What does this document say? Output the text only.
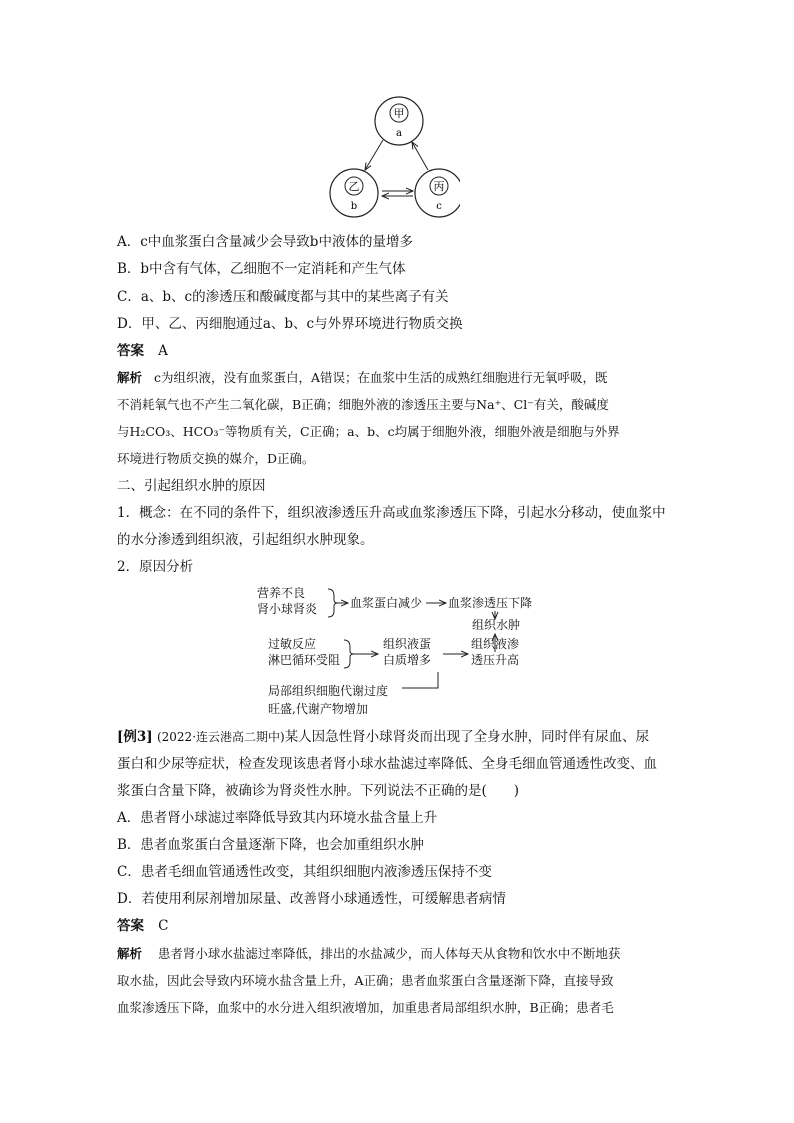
甲
a
乙
b
丙
c
A．c中血浆蛋白含量减少会导致b中液体的量增多
B．b中含有气体，乙细胞不一定消耗和产生气体
C．a、b、c的渗透压和酸碱度都与其中的某些离子有关
D．甲、乙、丙细胞通过a、b、c与外界环境进行物质交换
答案 A
解析 c为组织液，没有血浆蛋白，A错误；在血浆中生活的成熟红细胞进行无氧呼吸，既
不消耗氧气也不产生二氧化碳，B正确；细胞外液的渗透压主要与Na⁺、Cl⁻有关，酸碱度
与H₂CO₃、HCO₃⁻等物质有关，C正确；a、b、c均属于细胞外液，细胞外液是细胞与外界
环境进行物质交换的媒介，D正确。
二、引起组织水肿的原因
1．概念：在不同的条件下，组织液渗透压升高或血浆渗透压下降，引起水分移动，使血浆中
的水分渗透到组织液，引起组织水肿现象。
2．原因分析
营养不良
肾小球肾炎	血浆蛋白减少 血浆渗透压下降
组织水肿
过敏反应
淋巴循环受阻
组织液蛋
白质增多
组织液渗
透压升高
局部组织细胞代谢过度
旺盛,代谢产物增加
[例3] (2022·连云港高二期中)某人因急性肾小球肾炎而出现了全身水肿，同时伴有尿血、尿
蛋白和少尿等症状，检查发现该患者肾小球水盐滤过率降低、全身毛细血管通透性改变、血
浆蛋白含量下降，被确诊为肾炎性水肿。下列说法不正确的是(　　)
A．患者肾小球滤过率降低导致其内环境水盐含量上升
B．患者血浆蛋白含量逐渐下降，也会加重组织水肿
C．患者毛细血管通透性改变，其组织细胞内液渗透压保持不变
D．若使用利尿剂增加尿量、改善肾小球通透性，可缓解患者病情
答案 C
解析 患者肾小球水盐滤过率降低，排出的水盐减少，而人体每天从食物和饮水中不断地获
取水盐，因此会导致内环境水盐含量上升，A正确；患者血浆蛋白含量逐渐下降，直接导致
血浆渗透压下降，血浆中的水分进入组织液增加，加重患者局部组织水肿，B正确；患者毛
